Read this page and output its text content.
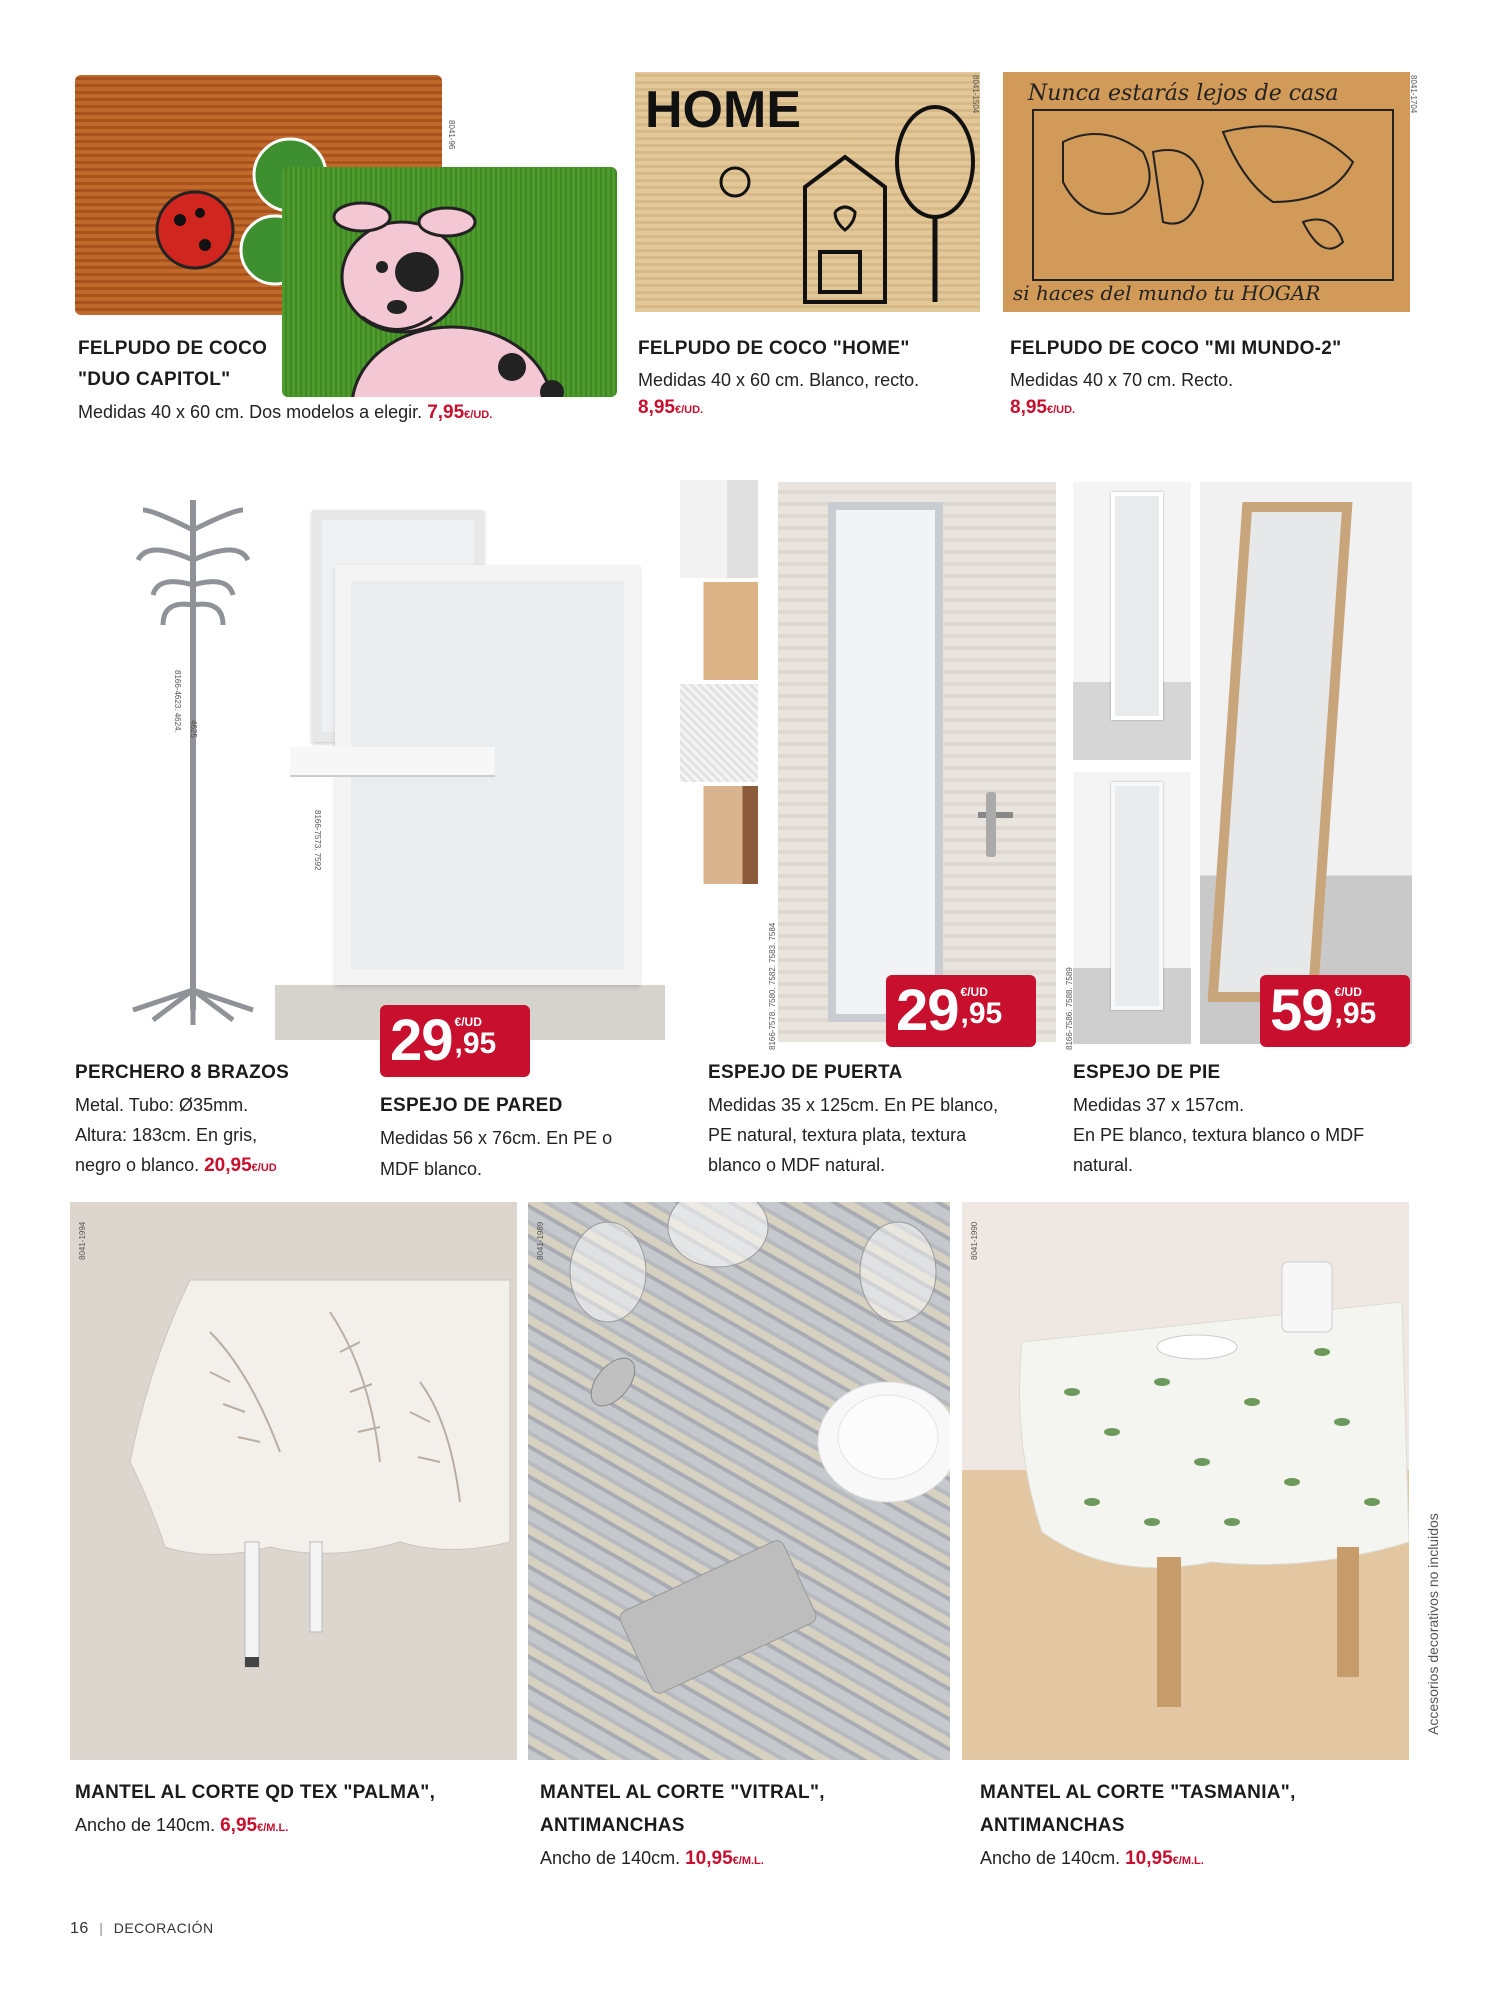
8041-96	HOME	8041-1504 Nunca estarás lejos de casa
si haces del mundo tu HOGAR
8041-1704
FELPUDO DE COCO
"DUO CAPITOL"
Medidas 40 x 60 cm. Dos modelos a elegir. 7,95€/UD.
FELPUDO DE COCO "HOME"
Medidas 40 x 60 cm. Blanco, recto.
8,95€/UD.
FELPUDO DE COCO "MI MUNDO-2"
Medidas 40 x 70 cm. Recto.
8,95€/UD.
8166-4623. 4624. 4625
8166-7573. 7592
29 €/UD
,95	8166-7578. 7580. 7582. 7583. 7584 29 €/UD
,95	8166-7586. 7588. 7589	59 €/UD
,95
PERCHERO 8 BRAZOS
Metal. Tubo: Ø35mm.
Altura: 183cm. En gris,
negro o blanco. 20,95€/UD
ESPEJO DE PARED
Medidas 56 x 76cm. En PE o
MDF blanco.
ESPEJO DE PUERTA
Medidas 35 x 125cm. En PE blanco,
PE natural, textura plata, textura
blanco o MDF natural.
ESPEJO DE PIE
Medidas 37 x 157cm.
En PE blanco, textura blanco o MDF
natural.
8041-1994	8041-1989	8041-1990
Accesorios decorativos no incluidos
MANTEL AL CORTE QD TEX "PALMA",
Ancho de 140cm. 6,95€/M.L.
MANTEL AL CORTE "VITRAL",
ANTIMANCHAS
Ancho de 140cm. 10,95€/M.L.
MANTEL AL CORTE "TASMANIA",
ANTIMANCHAS
Ancho de 140cm. 10,95€/M.L.
16 | DECORACIÓN
